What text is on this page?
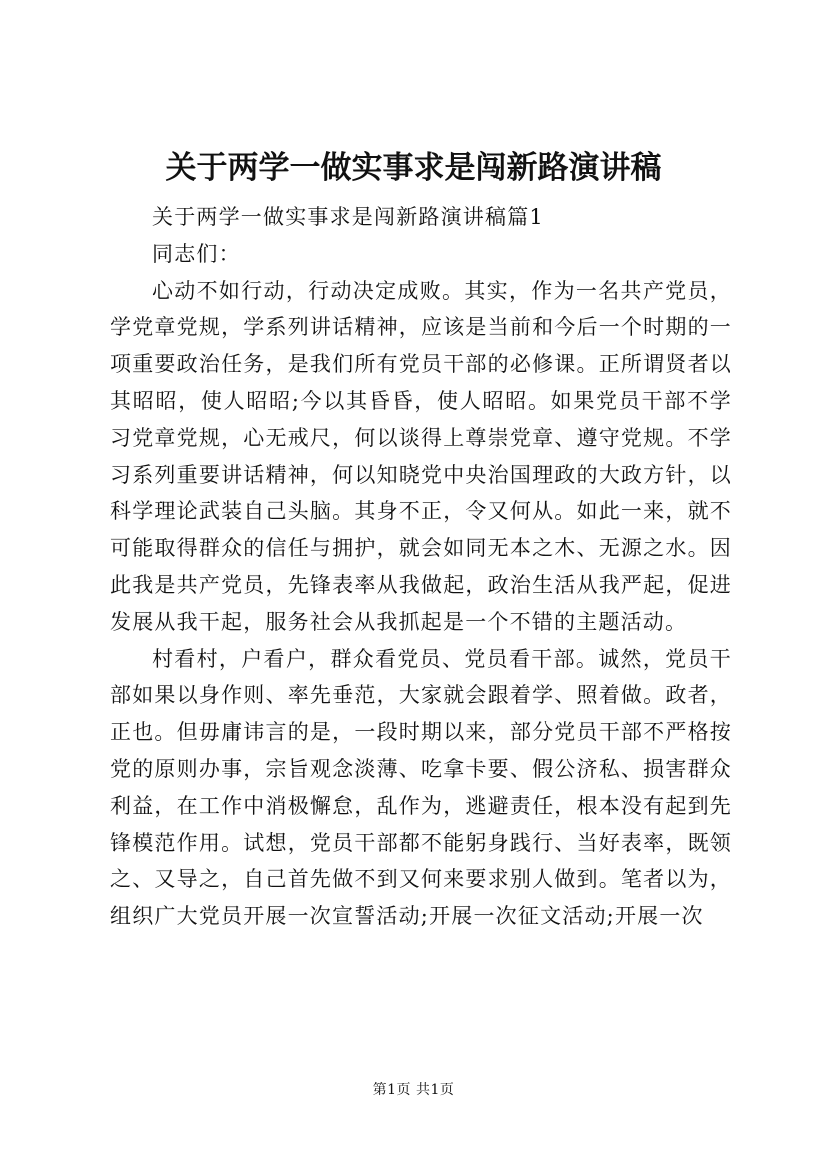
关于两学一做实事求是闯新路演讲稿

关于两学一做实事求是闯新路演讲稿篇1

同志们：

心动不如行动，行动决定成败。其实，作为一名共产党员，学党章党规，学系列讲话精神，应该是当前和今后一个时期的一项重要政治任务，是我们所有党员干部的必修课。正所谓贤者以其昭昭，使人昭昭;今以其昏昏，使人昭昭。如果党员干部不学习党章党规，心无戒尺，何以谈得上尊崇党章、遵守党规。不学习系列重要讲话精神，何以知晓党中央治国理政的大政方针，以科学理论武装自己头脑。其身不正，令又何从。如此一来，就不可能取得群众的信任与拥护，就会如同无本之木、无源之水。因此我是共产党员，先锋表率从我做起，政治生活从我严起，促进发展从我干起，服务社会从我抓起是一个不错的主题活动。

村看村，户看户，群众看党员、党员看干部。诚然，党员干部如果以身作则、率先垂范，大家就会跟着学、照着做。政者，正也。但毋庸讳言的是，一段时期以来，部分党员干部不严格按党的原则办事，宗旨观念淡薄、吃拿卡要、假公济私、损害群众利益，在工作中消极懈怠，乱作为，逃避责任，根本没有起到先锋模范作用。试想，党员干部都不能躬身践行、当好表率，既领之、又导之，自己首先做不到又何来要求别人做到。笔者以为，组织广大党员开展一次宣誓活动;开展一次征文活动;开展一次

第1页 共1页
